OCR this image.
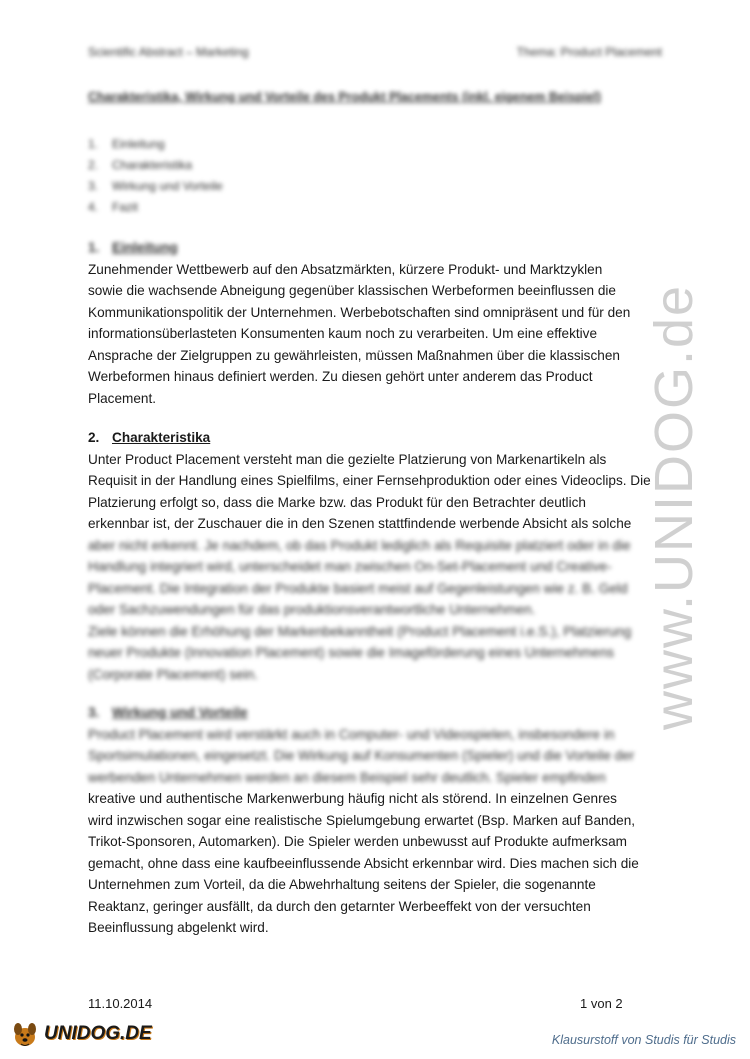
Scientific Abstract – Marketing	Thema: Product Placement
Charakteristika, Wirkung und Vorteile des Produkt Placements (inkl. eigenem Beispiel)
1. Einleitung
2. Charakteristika
3. Wirkung und Vorteile
4. Fazit
1. Einleitung
Zunehmender Wettbewerb auf den Absatzmärkten, kürzere Produkt- und Marktzyklen
sowie die wachsende Abneigung gegenüber klassischen Werbeformen beeinflussen die
Kommunikationspolitik der Unternehmen. Werbebotschaften sind omnipräsent und für den
informationsüberlasteten Konsumenten kaum noch zu verarbeiten. Um eine effektive
Ansprache der Zielgruppen zu gewährleisten, müssen Maßnahmen über die klassischen
Werbeformen hinaus definiert werden. Zu diesen gehört unter anderem das Product
Placement.
2. Charakteristika
Unter Product Placement versteht man die gezielte Platzierung von Markenartikeln als
Requisit in der Handlung eines Spielfilms, einer Fernsehproduktion oder eines Videoclips. Die
Platzierung erfolgt so, dass die Marke bzw. das Produkt für den Betrachter deutlich
erkennbar ist, der Zuschauer die in den Szenen stattfindende werbende Absicht als solche
aber nicht erkennt. Je nachdem, ob das Produkt lediglich als Requisite platziert oder in die
Handlung integriert wird, unterscheidet man zwischen On-Set-Placement und Creative-
Placement. Die Integration der Produkte basiert meist auf Gegenleistungen wie z. B. Geld
oder Sachzuwendungen für das produktionsverantwortliche Unternehmen.
Ziele können die Erhöhung der Markenbekanntheit (Product Placement i.e.S.), Platzierung
neuer Produkte (Innovation Placement) sowie die Imageförderung eines Unternehmens
(Corporate Placement) sein.
3. Wirkung und Vorteile
Product Placement wird verstärkt auch in Computer- und Videospielen, insbesondere in
Sportsimulationen, eingesetzt. Die Wirkung auf Konsumenten (Spieler) und die Vorteile der
werbenden Unternehmen werden an diesem Beispiel sehr deutlich. Spieler empfinden
kreative und authentische Markenwerbung häufig nicht als störend. In einzelnen Genres
wird inzwischen sogar eine realistische Spielumgebung erwartet (Bsp. Marken auf Banden,
Trikot-Sponsoren, Automarken). Die Spieler werden unbewusst auf Produkte aufmerksam
gemacht, ohne dass eine kaufbeeinflussende Absicht erkennbar wird. Dies machen sich die
Unternehmen zum Vorteil, da die Abwehrhaltung seitens der Spieler, die sogenannte
Reaktanz, geringer ausfällt, da durch den getarnter Werbeeffekt von der versuchten
Beeinflussung abgelenkt wird.
www.UNIDOG.de
11.10.2014	1 von 2
UNIDOG.DE	Klausurstoff von Studis für Studis
